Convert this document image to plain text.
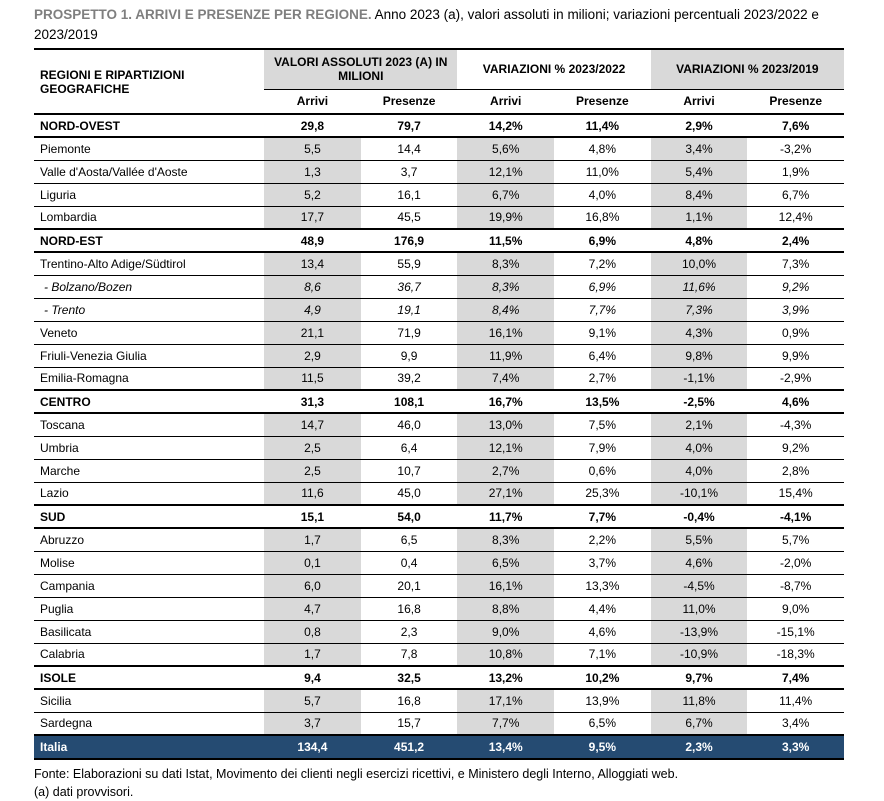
PROSPETTO 1. ARRIVI E PRESENZE PER REGIONE. Anno 2023 (a), valori assoluti in milioni; variazioni percentuali 2023/2022 e 2023/2019
REGIONI E RIPARTIZIONI GEOGRAFICHE	VALORI ASSOLUTI 2023 (A) IN MILIONI		VARIAZIONI % 2023/2022		VARIAZIONI % 2023/2019	
	Arrivi	Presenze	Arrivi	Presenze	Arrivi	Presenze
NORD-OVEST	29,8	79,7	14,2%	11,4%	2,9%	7,6%
Piemonte	5,5	14,4	5,6%	4,8%	3,4%	-3,2%
Valle d'Aosta/Vallée d'Aoste	1,3	3,7	12,1%	11,0%	5,4%	1,9%
Liguria	5,2	16,1	6,7%	4,0%	8,4%	6,7%
Lombardia	17,7	45,5	19,9%	16,8%	1,1%	12,4%
NORD-EST	48,9	176,9	11,5%	6,9%	4,8%	2,4%
Trentino-Alto Adige/Südtirol	13,4	55,9	8,3%	7,2%	10,0%	7,3%
- Bolzano/Bozen	8,6	36,7	8,3%	6,9%	11,6%	9,2%
- Trento	4,9	19,1	8,4%	7,7%	7,3%	3,9%
Veneto	21,1	71,9	16,1%	9,1%	4,3%	0,9%
Friuli-Venezia Giulia	2,9	9,9	11,9%	6,4%	9,8%	9,9%
Emilia-Romagna	11,5	39,2	7,4%	2,7%	-1,1%	-2,9%
CENTRO	31,3	108,1	16,7%	13,5%	-2,5%	4,6%
Toscana	14,7	46,0	13,0%	7,5%	2,1%	-4,3%
Umbria	2,5	6,4	12,1%	7,9%	4,0%	9,2%
Marche	2,5	10,7	2,7%	0,6%	4,0%	2,8%
Lazio	11,6	45,0	27,1%	25,3%	-10,1%	15,4%
SUD	15,1	54,0	11,7%	7,7%	-0,4%	-4,1%
Abruzzo	1,7	6,5	8,3%	2,2%	5,5%	5,7%
Molise	0,1	0,4	6,5%	3,7%	4,6%	-2,0%
Campania	6,0	20,1	16,1%	13,3%	-4,5%	-8,7%
Puglia	4,7	16,8	8,8%	4,4%	11,0%	9,0%
Basilicata	0,8	2,3	9,0%	4,6%	-13,9%	-15,1%
Calabria	1,7	7,8	10,8%	7,1%	-10,9%	-18,3%
ISOLE	9,4	32,5	13,2%	10,2%	9,7%	7,4%
Sicilia	5,7	16,8	17,1%	13,9%	11,8%	11,4%
Sardegna	3,7	15,7	7,7%	6,5%	6,7%	3,4%
Italia	134,4	451,2	13,4%	9,5%	2,3%	3,3%
Fonte: Elaborazioni su dati Istat, Movimento dei clienti negli esercizi ricettivi, e Ministero degli Interno, Alloggiati web.
(a) dati provvisori.
